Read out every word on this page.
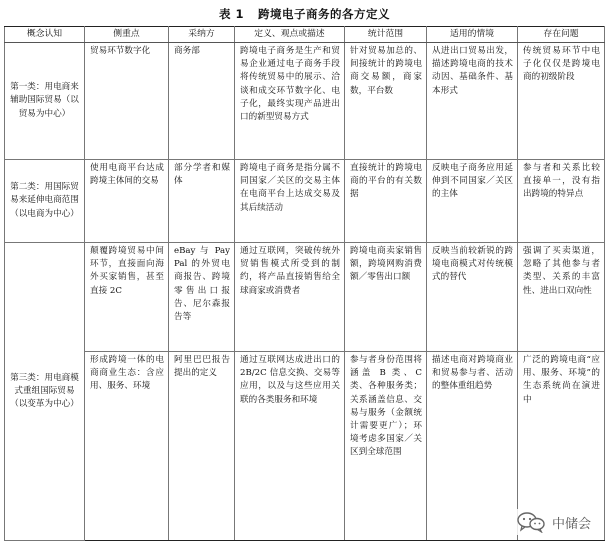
表 1 跨境电子商务的各方定义
概念认知	侧重点	采纳方	定义、观点或描述	统计范围	适用的情境	存在问题
第一类：用电商来辅助国际贸易（以贸易为中心）	贸易环节数字化	商务部	跨境电子商务是生产和贸易企业通过电子商务手段将传统贸易中的展示、洽谈和成交环节数字化、电子化，最终实现产品进出口的新型贸易方式	针对贸易加总的、间接统计的跨境电商交易额，商家数，平台数	从进出口贸易出发，描述跨境电商的技术动因、基础条件、基本形式	传统贸易环节中电子化仅仅是跨境电商的初级阶段
第二类：用国际贸易来延伸电商范围（以电商为中心）	使用电商平台达成跨境主体间的交易	部分学者和媒体	跨境电子商务是指分属不同国家／关区的交易主体在电商平台上达成交易及其后续活动	直接统计的跨境电商的平台的有关数据	反映电子商务应用延伸到不同国家／关区的主体	参与者和关系比较直接单一，没有指出跨境的特异点
第三类：用电商模式重组国际贸易（以变革为中心）	颠覆跨境贸易中间环节，直接面向海外买家销售，甚至直接 2C	eBay 与 PayPal 的外贸电商报告、跨境零售出口报告、尼尔森报告等	通过互联网，突破传统外贸销售模式所受到的制约，将产品直接销售给全球商家或消费者	跨境电商卖家销售额，跨境网购消费额／零售出口额	反映当前较新锐的跨境电商模式对传统模式的替代	强调了买卖渠道，忽略了其他参与者类型、关系的丰富性、进出口双向性
	形成跨境一体的电商商业生态：含应用、服务、环境	阿里巴巴报告提出的定义	通过互联网达成进出口的 2B/2C 信息交换、交易等应用，以及与这些应用关联的各类服务和环境	参与者身份范围将涵盖 B 类、C 类、各种服务类；关系涵盖信息、交易与服务（金额统计需要更广）；环境考虑多国家／关区到全球范围	描述电商对跨境商业和贸易参与者、活动的整体重组趋势	广泛的跨境电商“应用、服务、环境”的生态系统尚在演进中
中储会
